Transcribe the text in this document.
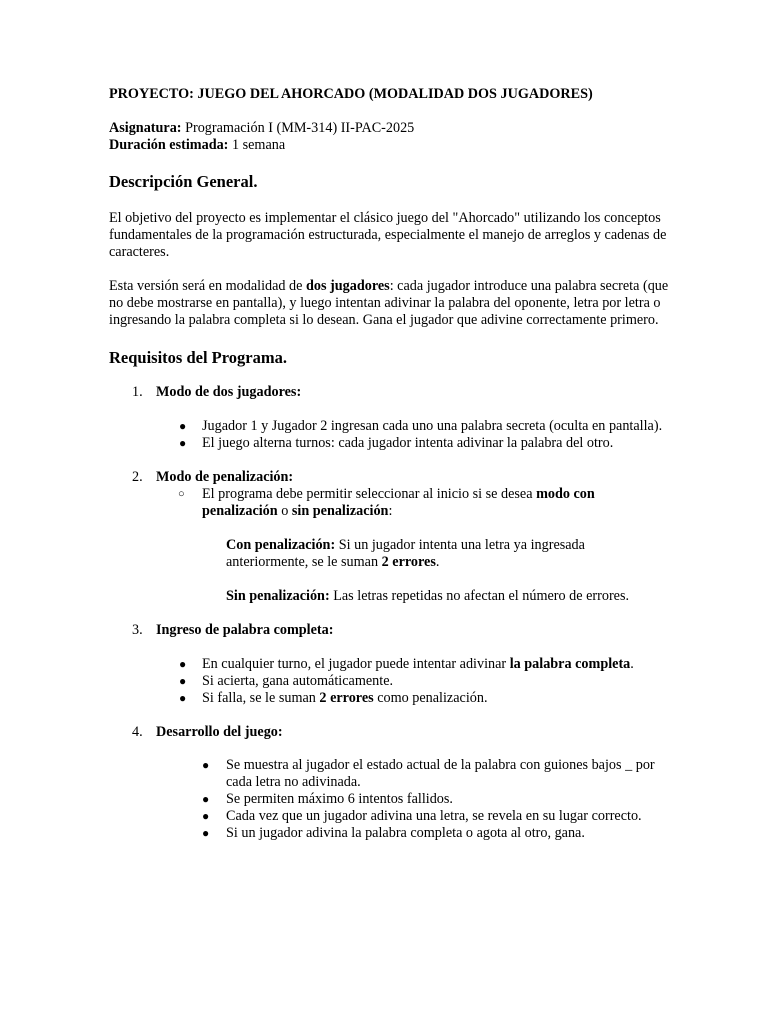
PROYECTO: JUEGO DEL AHORCADO (MODALIDAD DOS JUGADORES)

Asignatura: Programación I (MM-314) II-PAC-2025

Duración estimada: 1 semana

Descripción General.

El objetivo del proyecto es implementar el clásico juego del "Ahorcado" utilizando los conceptos fundamentales de la programación estructurada, especialmente el manejo de arreglos y cadenas de caracteres.

Esta versión será en modalidad de dos jugadores: cada jugador introduce una palabra secreta (que no debe mostrarse en pantalla), y luego intentan adivinar la palabra del oponente, letra por letra o ingresando la palabra completa si lo desean. Gana el jugador que adivine correctamente primero.

Requisitos del Programa.
1. Modo de dos jugadores:
● Jugador 1 y Jugador 2 ingresan cada uno una palabra secreta (oculta en pantalla).
● El juego alterna turnos: cada jugador intenta adivinar la palabra del otro.
2. Modo de penalización:
○ El programa debe permitir seleccionar al inicio si se desea modo con penalización o sin penalización:

Con penalización: Si un jugador intenta una letra ya ingresada anteriormente, se le suman 2 errores.

Sin penalización: Las letras repetidas no afectan el número de errores.

3. Ingreso de palabra completa:
● En cualquier turno, el jugador puede intentar adivinar la palabra completa.
● Si acierta, gana automáticamente.
● Si falla, se le suman 2 errores como penalización.
4. Desarrollo del juego:
● Se muestra al jugador el estado actual de la palabra con guiones bajos _ por cada letra no adivinada.
● Se permiten máximo 6 intentos fallidos.
● Cada vez que un jugador adivina una letra, se revela en su lugar correcto.
● Si un jugador adivina la palabra completa o agota al otro, gana.
